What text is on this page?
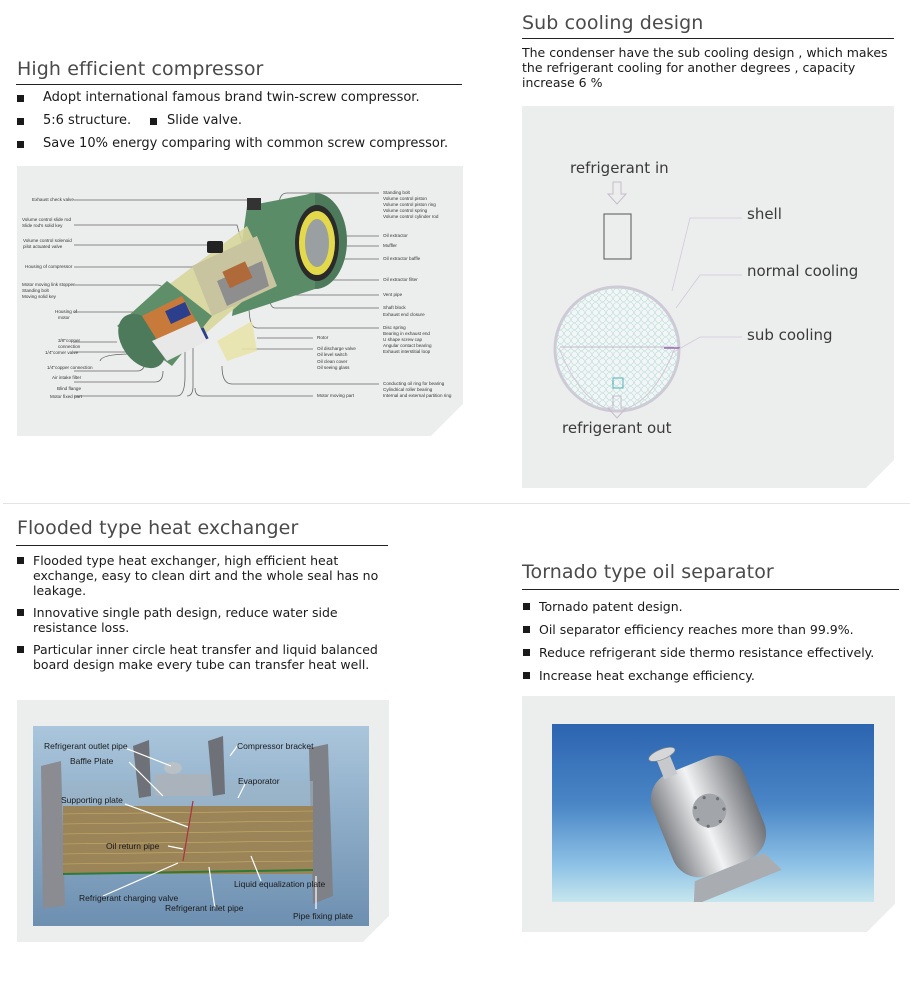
High efficient compressor
Adopt international famous brand twin-screw compressor.
5:6 structure.	Slide valve.
Save 10% energy comparing with common screw compressor.
Exhaust check valve
Volume control slide rod
Slide rod's solid key
Volume control solenoid
pilot actuated valve
Housing of compressor
Motor moving link stopper
Standing bolt
Moving solid key
Housing of
motor
3/8"copper
connection
1/4"corner valve
1/4"copper connection
Air intake filter
Blind flange
Motor fixed part
Standing bolt
Volume control piston
Volume control piston ring
Volume control spring
Volume control cylinder rod
Oil extractor
Muffler
Oil extractor baffle
Oil extractor filter
Vent pipe
Shaft block
Exhaust end closure
Disc spring
Bearing in exhaust end
U shape screw cap
Angular contact bearing
Exhaust interstitial loop
Conducting oil ring for bearing
Cylindrical roller bearing
Internal and external partition ring
Rotor
Oil discharge valve
Oil level switch
Oil clean cover
Oil seeing glass
Motor moving part
Sub cooling design
The condenser have the sub cooling design , which makes the refrigerant cooling for another degrees , capacity increase 6 %
refrigerant in
shell
normal cooling
sub cooling
refrigerant out
Flooded type heat exchanger
Flooded type heat exchanger, high efficient heat exchange, easy to clean dirt and the whole seal has no leakage.
Innovative single path design, reduce water side resistance loss.
Particular inner circle heat transfer and liquid balanced board design make every tube can transfer heat well.
Refrigerant outlet pipe
Baffle Plate
Compressor bracket
Evaporator
Supporting plate
Oil return pipe
Liquid equalization plate
Refrigerant charging valve
Refrigerant inlet pipe
Pipe fixing plate
Tornado type oil separator
Tornado patent design.
Oil separator efficiency reaches more than 99.9%.
Reduce refrigerant side thermo resistance effectively.
Increase heat exchange efficiency.
